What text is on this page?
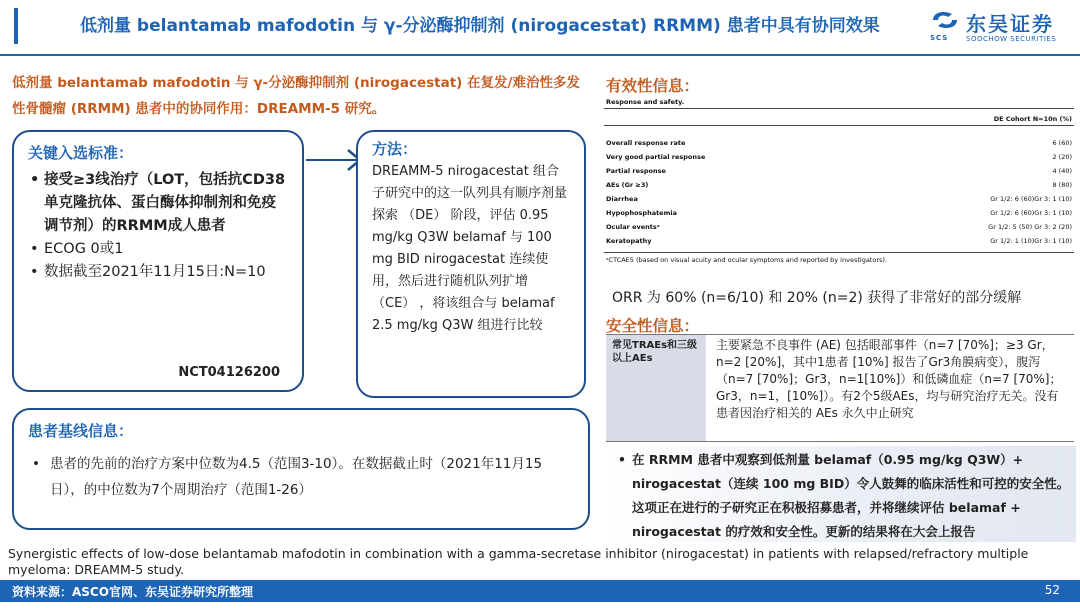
低剂量 belantamab mafodotin 与 γ-分泌酶抑制剂 (nirogacestat) RRMM) 患者中具有协同效果
SCS
东吴证券
SOOCHOW SECURITIES
低剂量 belantamab mafodotin 与 γ-分泌酶抑制剂 (nirogacestat) 在复发/难治性多发性骨髓瘤 (RRMM) 患者中的协同作用：DREAMM-5 研究。
关键入选标准：
• 接受≥3线治疗（LOT，包括抗CD38单克隆抗体、蛋白酶体抑制剂和免疫调节剂）的RRMM成人患者
• ECOG 0或1
• 数据截至2021年11月15日:N=10
NCT04126200
方法：
DREAMM-5 nirogacestat 组合子研究中的这一队列具有顺序剂量探索 （DE） 阶段，评估 0.95 mg/kg Q3W belamaf 与 100 mg BID nirogacestat 连续使用，然后进行随机队列扩增 （CE） ，将该组合与 belamaf 2.5 mg/kg Q3W 组进行比较
患者基线信息：
• 患者的先前的治疗方案中位数为4.5（范围3-10）。在数据截止时（2021年11月15日），的中位数为7个周期治疗（范围1-26）
有效性信息：
Response and safety.
DE Cohort N=10n (%)
Overall response rate	6 (60)
Very good partial response	2 (20)
Partial response	4 (40)
AEs (Gr ≥3)	8 (80)
Diarrhea	Gr 1/2: 6 (60)Gr 3: 1 (10)
Hypophosphatemia	Gr 1/2: 6 (60)Gr 3: 1 (10)
Ocular eventsᵃ	Gr 1/2: 5 (50) Gr 3: 2 (20)
Keratopathy	Gr 1/2: 1 (10)Gr 3: 1 (10)
ᵃCTCAE5 (based on visual acuity and ocular symptoms and reported by investigators).
ORR 为 60% (n=6/10) 和 20% (n=2) 获得了非常好的部分缓解
安全性信息：
常见TRAEs和三级以上AEs
主要紧急不良事件 (AE) 包括眼部事件（n=7 [70%]；≥3 Gr，n=2 [20%]，其中1患者 [10%] 报告了Gr3角膜病变），腹泻（n=7 [70%]；Gr3，n=1[10%]）和低磷血症（n=7 [70%]；Gr3，n=1，[10%]）。有2个5级AEs，均与研究治疗无关。没有患者因治疗相关的 AEs 永久中止研究
• 在 RRMM 患者中观察到低剂量 belamaf（0.95 mg/kg Q3W）+ nirogacestat（连续 100 mg BID）令人鼓舞的临床活性和可控的安全性。这项正在进行的子研究正在积极招募患者，并将继续评估 belamaf + nirogacestat 的疗效和安全性。更新的结果将在大会上报告
Synergistic effects of low-dose belantamab mafodotin in combination with a gamma-secretase inhibitor (nirogacestat) in patients with relapsed/refractory multiple myeloma: DREAMM-5 study.
资料来源：ASCO官网、东吴证券研究所整理	52
